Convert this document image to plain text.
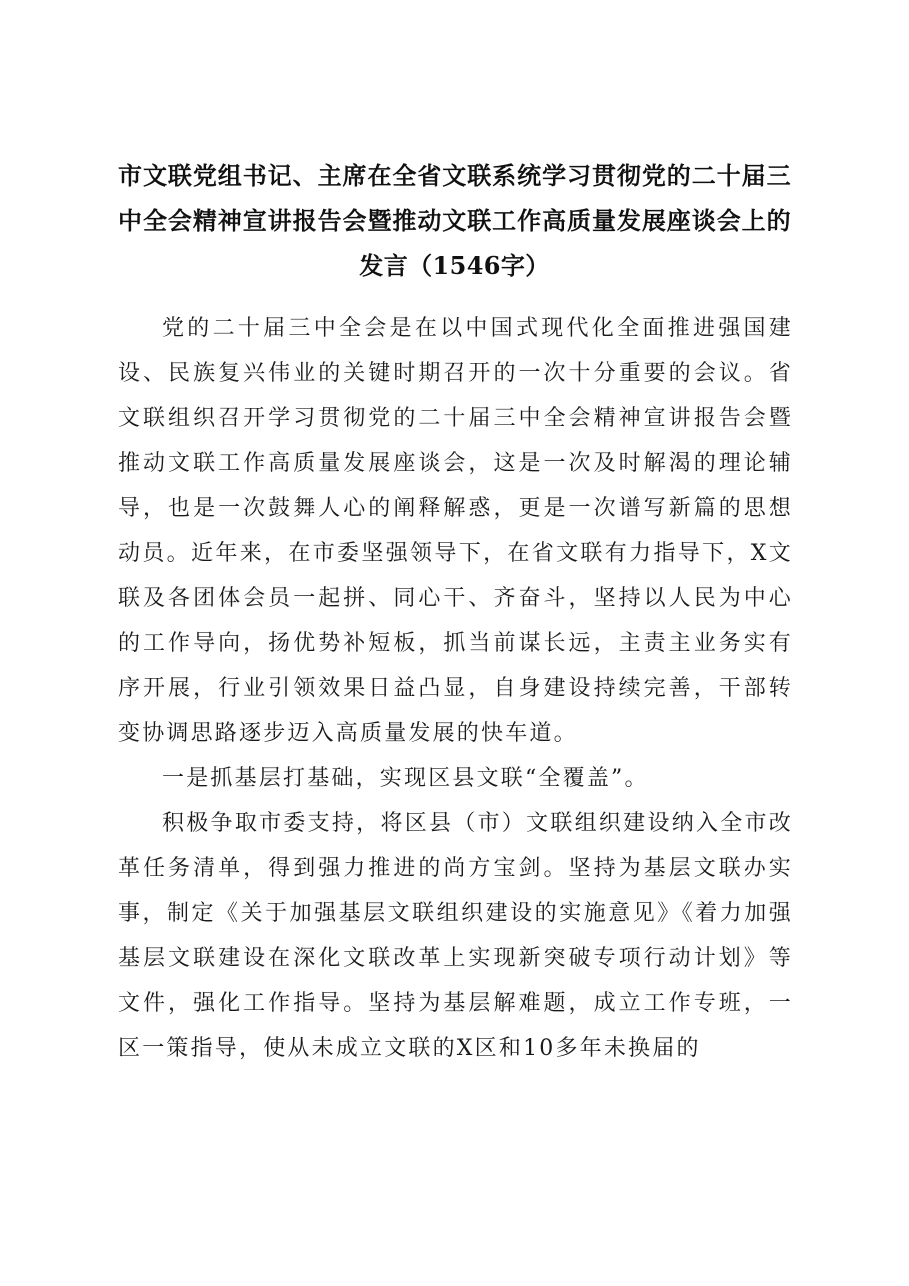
市文联党组书记、主席在全省文联系统学习贯彻党的二十届三中全会精神宣讲报告会暨推动文联工作高质量发展座谈会上的发言（1546字）

党的二十届三中全会是在以中国式现代化全面推进强国建设、民族复兴伟业的关键时期召开的一次十分重要的会议。省文联组织召开学习贯彻党的二十届三中全会精神宣讲报告会暨推动文联工作高质量发展座谈会，这是一次及时解渴的理论辅导，也是一次鼓舞人心的阐释解惑，更是一次谱写新篇的思想动员。近年来，在市委坚强领导下，在省文联有力指导下，X文联及各团体会员一起拼、同心干、齐奋斗，坚持以人民为中心的工作导向，扬优势补短板，抓当前谋长远，主责主业务实有序开展，行业引领效果日益凸显，自身建设持续完善，干部转变协调思路逐步迈入高质量发展的快车道。

一是抓基层打基础，实现区县文联“全覆盖”。

积极争取市委支持，将区县（市）文联组织建设纳入全市改革任务清单，得到强力推进的尚方宝剑。坚持为基层文联办实事，制定《关于加强基层文联组织建设的实施意见》《着力加强基层文联建设在深化文联改革上实现新突破专项行动计划》等文件，强化工作指导。坚持为基层解难题，成立工作专班，一区一策指导，使从未成立文联的X区和10多年未换届的
